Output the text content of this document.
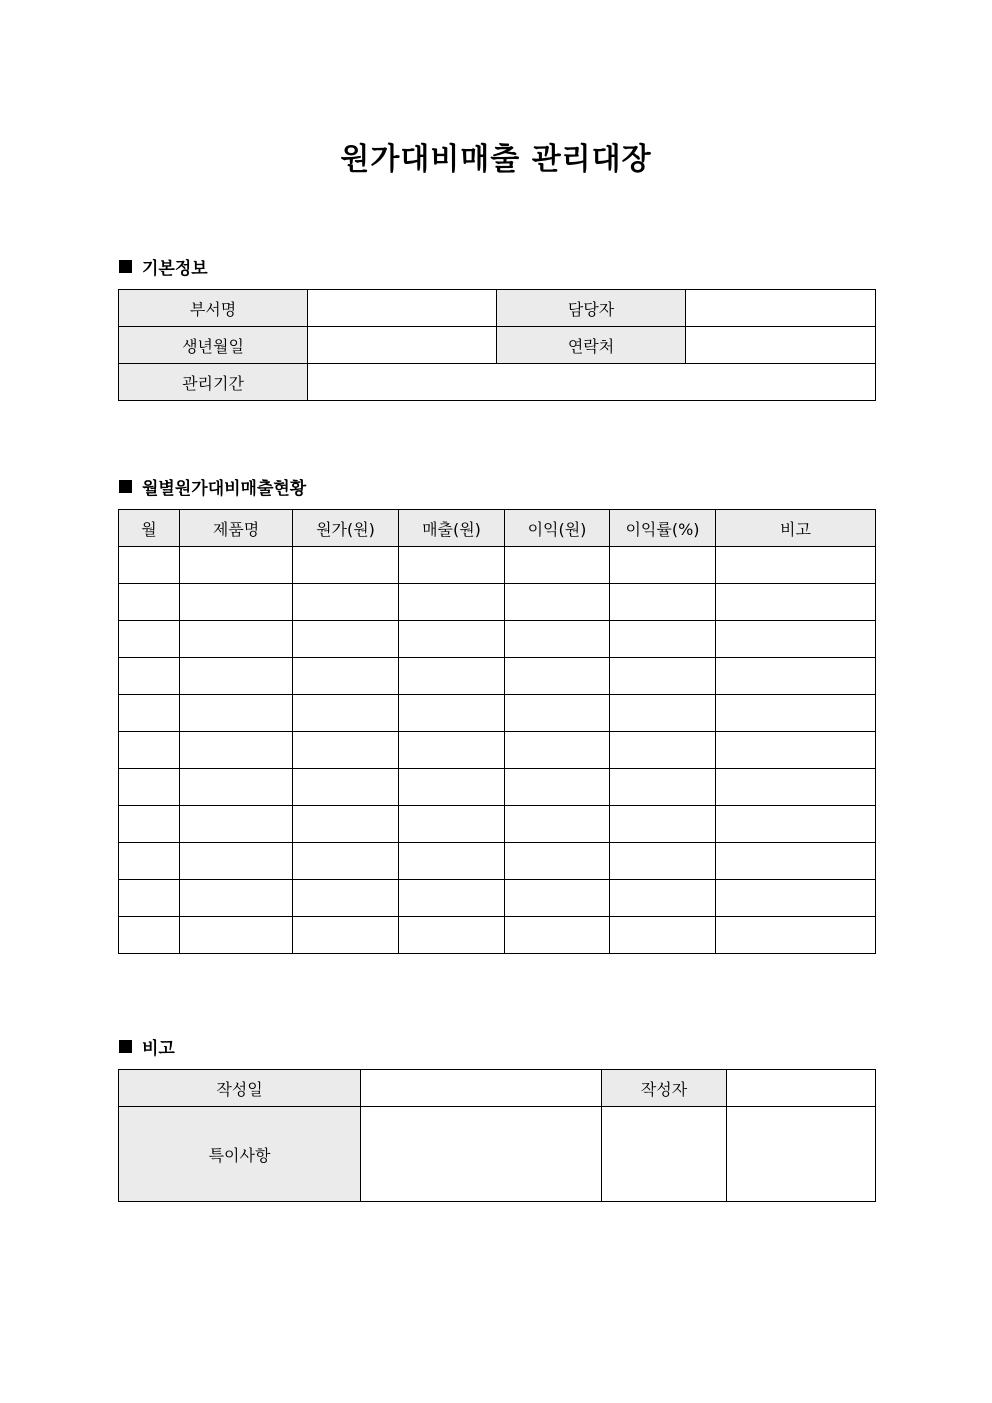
원가대비매출 관리대장
기본정보
부서명		담당자	
생년월일		연락처	
관리기간			
월별원가대비매출현황
월	제품명	원가(원)	매출(원)	이익(원)	이익률(%)	비고

비고
작성일		작성자	
특이사항			
